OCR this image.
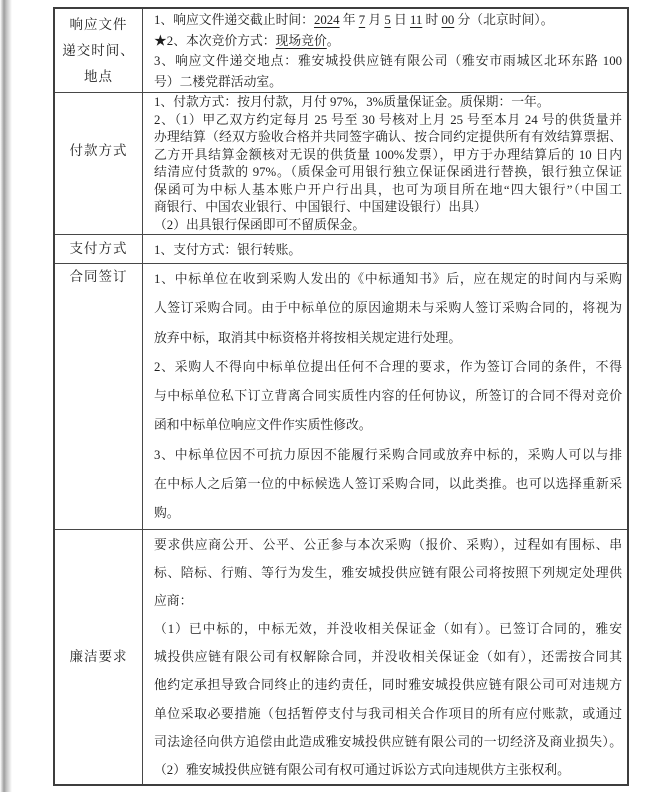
响应文件
递交时间、
地点
1、响应文件递交截止时间：2024 年 7 月 5 日 11 时 00 分（北京时间）。
★2、本次竞价方式：现场竞价。
3、响应文件递交地点：雅安城投供应链有限公司（雅安市雨城区北环东路 100
号）二楼党群活动室。
付款方式
1、付款方式：按月付款，月付 97%，3%质量保证金。质保期：一年。
2、（1）甲乙双方约定每月 25 号至 30 号核对上月 25 号至本月 24 号的供货量并
办理结算（经双方验收合格并共同签字确认、按合同约定提供所有有效结算票据、
乙方开具结算金额核对无误的供货量 100%发票），甲方于办理结算后的 10 日内
结清应付货款的 97%。（质保金可用银行独立保证保函进行替换，银行独立保证
保函可为中标人基本账户开户行出具，也可为项目所在地“四大银行”（中国工
商银行、中国农业银行、中国银行、中国建设银行）出具）
（2）出具银行保函即可不留质保金。
支付方式	1、支付方式：银行转账。
合同签订	1、中标单位在收到采购人发出的《中标通知书》后，应在规定的时间内与采购
人签订采购合同。由于中标单位的原因逾期未与采购人签订采购合同的，将视为
放弃中标，取消其中标资格并将按相关规定进行处理。
2、采购人不得向中标单位提出任何不合理的要求，作为签订合同的条件，不得
与中标单位私下订立背离合同实质性内容的任何协议，所签订的合同不得对竞价
函和中标单位响应文件作实质性修改。
3、中标单位因不可抗力原因不能履行采购合同或放弃中标的，采购人可以与排
在中标人之后第一位的中标候选人签订采购合同，以此类推。也可以选择重新采
购。
廉洁要求
要求供应商公开、公平、公正参与本次采购（报价、采购），过程如有围标、串
标、陪标、行贿、等行为发生，雅安城投供应链有限公司将按照下列规定处理供
应商：
（1）已中标的，中标无效，并没收相关保证金（如有）。已签订合同的，雅安
城投供应链有限公司有权解除合同，并没收相关保证金（如有），还需按合同其
他约定承担导致合同终止的违约责任，同时雅安城投供应链有限公司可对违规方
单位采取必要措施（包括暂停支付与我司相关合作项目的所有应付账款，或通过
司法途径向供方追偿由此造成雅安城投供应链有限公司的一切经济及商业损失）。
（2）雅安城投供应链有限公司有权可通过诉讼方式向违规供方主张权利。
